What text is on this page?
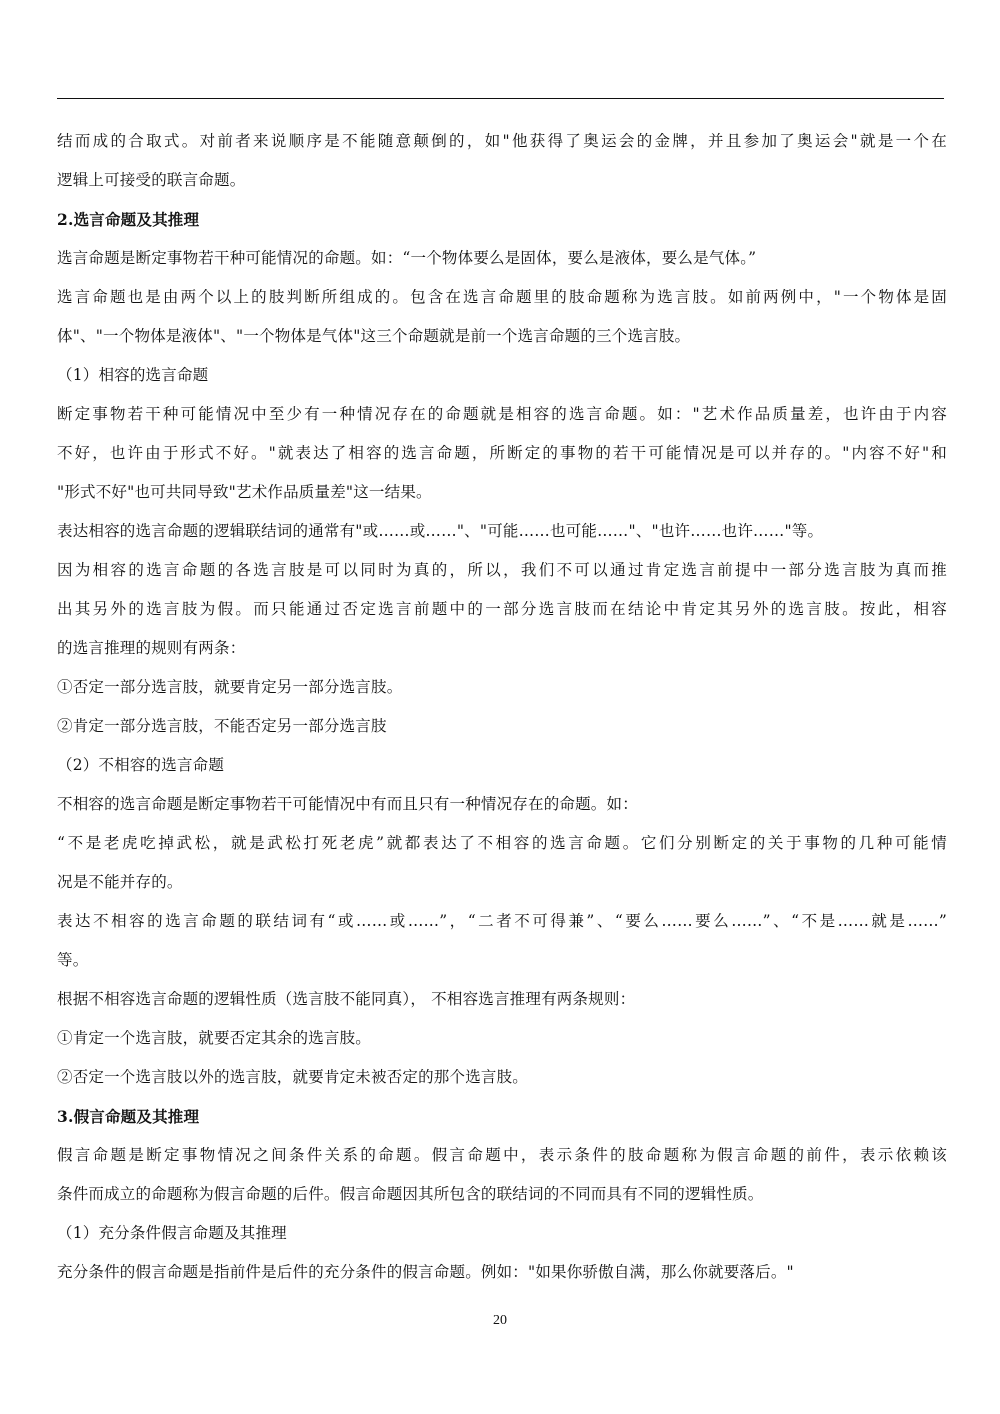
结而成的合取式。对前者来说顺序是不能随意颠倒的，如"他获得了奥运会的金牌，并且参加了奥运会"就是一个在
逻辑上可接受的联言命题。
2.选言命题及其推理
选言命题是断定事物若干种可能情况的命题。如：“一个物体要么是固体，要么是液体，要么是气体。”
选言命题也是由两个以上的肢判断所组成的。包含在选言命题里的肢命题称为选言肢。如前两例中，"一个物体是固
体"、"一个物体是液体"、"一个物体是气体"这三个命题就是前一个选言命题的三个选言肢。
（1）相容的选言命题
断定事物若干种可能情况中至少有一种情况存在的命题就是相容的选言命题。如："艺术作品质量差，也许由于内容
不好，也许由于形式不好。"就表达了相容的选言命题，所断定的事物的若干可能情况是可以并存的。"内容不好"和
"形式不好"也可共同导致"艺术作品质量差"这一结果。
表达相容的选言命题的逻辑联结词的通常有"或……或……"、"可能……也可能……"、"也许……也许……"等。
因为相容的选言命题的各选言肢是可以同时为真的，所以，我们不可以通过肯定选言前提中一部分选言肢为真而推
出其另外的选言肢为假。而只能通过否定选言前题中的一部分选言肢而在结论中肯定其另外的选言肢。按此，相容
的选言推理的规则有两条：
①否定一部分选言肢，就要肯定另一部分选言肢。
②肯定一部分选言肢，不能否定另一部分选言肢
（2）不相容的选言命题
不相容的选言命题是断定事物若干可能情况中有而且只有一种情况存在的命题。如：
“不是老虎吃掉武松，就是武松打死老虎”就都表达了不相容的选言命题。它们分别断定的关于事物的几种可能情
况是不能并存的。
表达不相容的选言命题的联结词有“或……或……”，“二者不可得兼”、“要么……要么……”、“不是……就是……”
等。
根据不相容选言命题的逻辑性质（选言肢不能同真）， 不相容选言推理有两条规则：
①肯定一个选言肢，就要否定其余的选言肢。
②否定一个选言肢以外的选言肢，就要肯定未被否定的那个选言肢。
3.假言命题及其推理
假言命题是断定事物情况之间条件关系的命题。假言命题中，表示条件的肢命题称为假言命题的前件，表示依赖该
条件而成立的命题称为假言命题的后件。假言命题因其所包含的联结词的不同而具有不同的逻辑性质。
（1）充分条件假言命题及其推理
充分条件的假言命题是指前件是后件的充分条件的假言命题。例如："如果你骄傲自满，那么你就要落后。"
20
